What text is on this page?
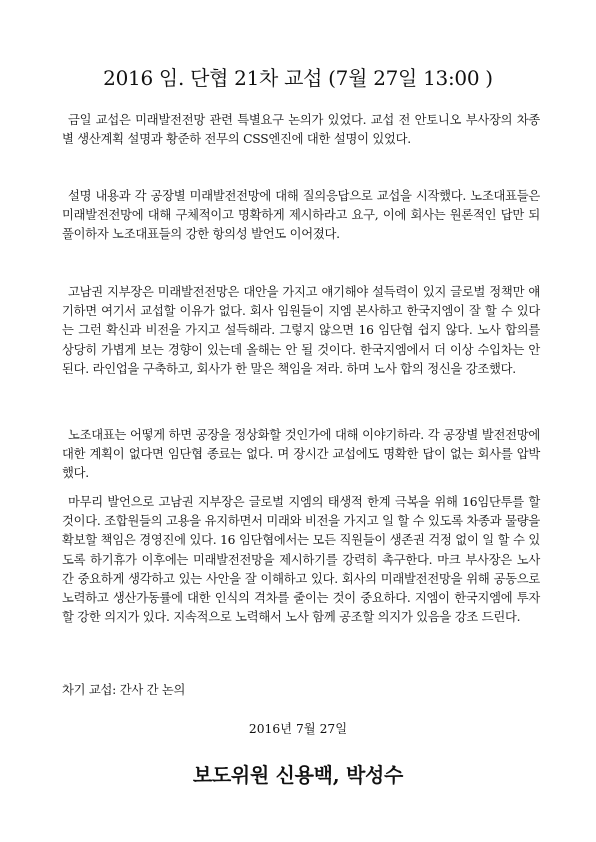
2016 임. 단협 21차 교섭 (7월 27일 13:00 )

금일 교섭은 미래발전전망 관련 특별요구 논의가 있었다. 교섭 전 안토니오 부사장의 차종별 생산계획 설명과 황준하 전무의 CSS엔진에 대한 설명이 있었다.

설명 내용과 각 공장별 미래발전전망에 대해 질의응답으로 교섭을 시작했다. 노조대표들은 미래발전전망에 대해 구체적이고 명확하게 제시하라고 요구, 이에 회사는 원론적인 답만 되풀이하자 노조대표들의 강한 항의성 발언도 이어졌다.

고남권 지부장은 미래발전전망은 대안을 가지고 얘기해야 설득력이 있지 글로벌 정책만 얘기하면 여기서 교섭할 이유가 없다. 회사 임원들이 지엠 본사하고 한국지엠이 잘 할 수 있다는 그런 확신과 비전을 가지고 설득해라. 그렇지 않으면 16 임단협 쉽지 않다. 노사 합의를 상당히 가볍게 보는 경향이 있는데 올해는 안 될 것이다. 한국지엠에서 더 이상 수입차는 안 된다. 라인업을 구축하고, 회사가 한 말은 책임을 져라. 하며 노사 합의 정신을 강조했다.

노조대표는 어떻게 하면 공장을 정상화할 것인가에 대해 이야기하라. 각 공장별 발전전망에 대한 계획이 없다면 임단협 종료는 없다. 며 장시간 교섭에도 명확한 답이 없는 회사를 압박했다.

마무리 발언으로 고남권 지부장은 글로벌 지엠의 태생적 한계 극복을 위해 16임단투를 할 것이다. 조합원들의 고용을 유지하면서 미래와 비전을 가지고 일 할 수 있도록 차종과 물량을 확보할 책임은 경영진에 있다. 16 임단협에서는 모든 직원들이 생존권 걱정 없이 일 할 수 있도록 하기휴가 이후에는 미래발전전망을 제시하기를 강력히 촉구한다. 마크 부사장은 노사 간 중요하게 생각하고 있는 사안을 잘 이해하고 있다. 회사의 미래발전전망을 위해 공동으로 노력하고 생산가동률에 대한 인식의 격차를 줄이는 것이 중요하다. 지엠이 한국지엠에 투자할 강한 의지가 있다. 지속적으로 노력해서 노사 함께 공조할 의지가 있음을 강조 드린다.

차기 교섭: 간사 간 논의
2016년 7월 27일
보도위원 신용백, 박성수
